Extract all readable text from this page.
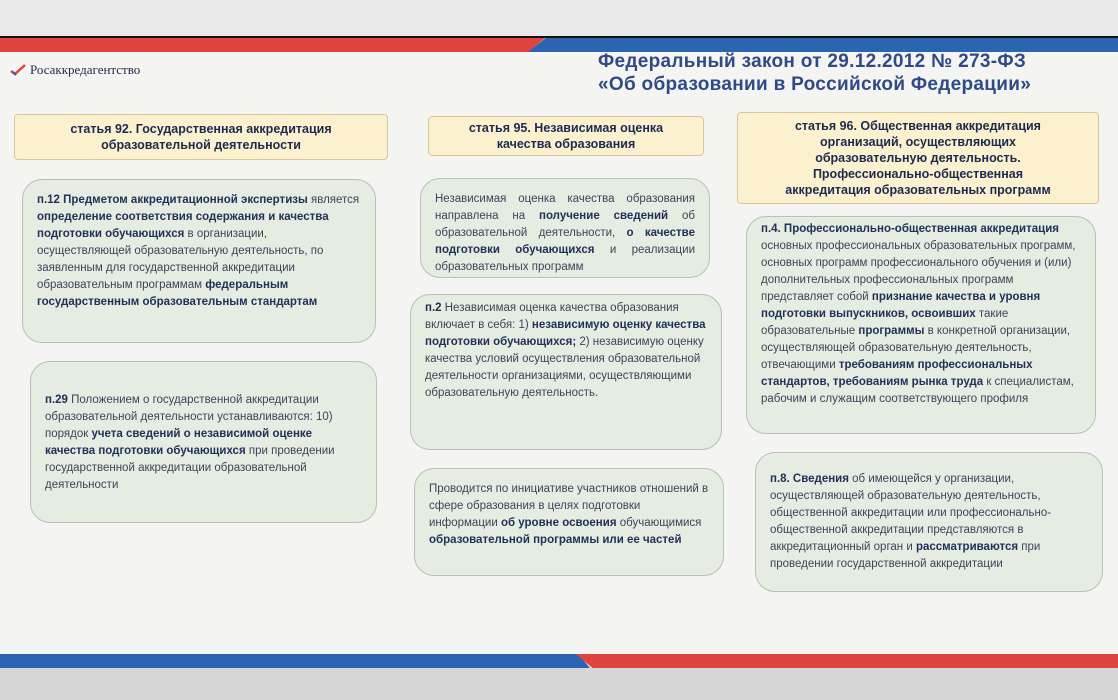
Росаккредагентство	Федеральный закон от 29.12.2012 № 273-ФЗ
«Об образовании в Российской Федерации»
статья 92. Государственная аккредитация
образовательной деятельности

п.12 Предметом аккредитационной экспертизы является определение соответствия содержания и качества подготовки обучающихся в организации, осуществляющей образовательную деятельность, по заявленным для государственной аккредитации образовательным программам федеральным государственным образовательным стандартам

п.29 Положением о государственной аккредитации образовательной деятельности устанавливаются: 10) порядок учета сведений о независимой оценке качества подготовки обучающихся при проведении государственной аккредитации образовательной деятельности

статья 95. Независимая оценка
качества образования

Независимая оценка качества образования направлена на получение сведений об образовательной деятельности, о качестве подготовки обучающихся и реализации образовательных программ

п.2 Независимая оценка качества образования включает в себя: 1) независимую оценку качества подготовки обучающихся; 2) независимую оценку качества условий осуществления образовательной деятельности организациями, осуществляющими образовательную деятельность.

Проводится по инициативе участников отношений в сфере образования в целях подготовки информации об уровне освоения обучающимися образовательной программы или ее частей

статья 96. Общественная аккредитация
организаций, осуществляющих
образовательную деятельность.
Профессионально-общественная
аккредитация образовательных программ

п.4. Профессионально-общественная аккредитация основных профессиональных образовательных программ, основных программ профессионального обучения и (или) дополнительных профессиональных программ представляет собой признание качества и уровня подготовки выпускников, освоивших такие образовательные программы в конкретной организации, осуществляющей образовательную деятельность, отвечающими требованиям профессиональных стандартов, требованиям рынка труда к специалистам, рабочим и служащим соответствующего профиля

п.8. Сведения об имеющейся у организации, осуществляющей образовательную деятельность, общественной аккредитации или профессионально-общественной аккредитации представляются в аккредитационный орган и рассматриваются при проведении государственной аккредитации
